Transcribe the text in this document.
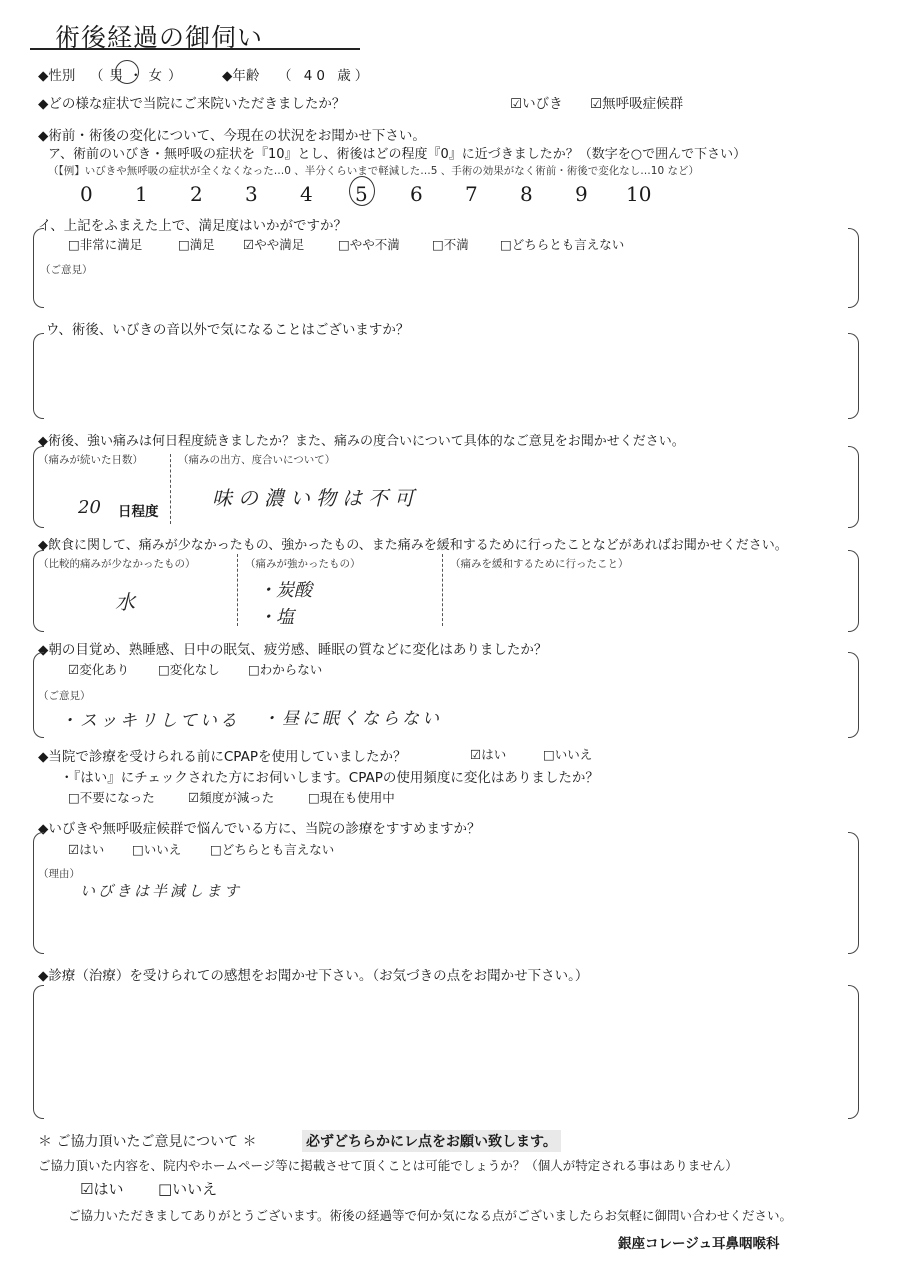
術後経過の御伺い
◆性別 （男・女）	◆年齢 （ 40 歳）
◆どの様な症状で当院にご来院いただきましたか？	☑いびき ☑無呼吸症候群
◆術前・術後の変化について、今現在の状況をお聞かせ下さい。
ア、術前のいびき・無呼吸の症状を『10』とし、術後はどの程度『0』に近づきましたか？（数字を○で囲んで下さい）
（【例】いびきや無呼吸の症状が全くなくなった…0 、半分くらいまで軽減した…5 、手術の効果がなく術前・術後で変化なし…10 など）
0 1 2 3 4 5 6 7 8 9 10
イ、上記をふまえた上で、満足度はいかがですか？
□非常に満足	□満足 ☑やや満足	□やや不満	□不満 □どちらとも言えない
（ご意見）
ウ、術後、いびきの音以外で気になることはございますか？
◆術後、強い痛みは何日程度続きましたか？また、痛みの度合いについて具体的なご意見をお聞かせください。
（痛みが続いた日数）	（痛みの出方、度合いについて）
20 日程度
味の濃い物は不可
◆飲食に関して、痛みが少なかったもの、強かったもの、また痛みを緩和するために行ったことなどがあればお聞かせください。
（比較的痛みが少なかったもの）	（痛みが強かったもの）	（痛みを緩和するために行ったこと）
水	・炭酸
・塩
◆朝の目覚め、熟睡感、日中の眠気、疲労感、睡眠の質などに変化はありましたか？
☑変化あり □変化なし □わからない
（ご意見）
・スッキリしている ・昼に眠くならない
◆当院で診療を受けられる前にCPAPを使用していましたか？	☑はい	□いいえ
・『はい』にチェックされた方にお伺いします。CPAPの使用頻度に変化はありましたか？
□不要になった	☑頻度が減った	□現在も使用中
◆いびきや無呼吸症候群で悩んでいる方に、当院の診療をすすめますか？
☑はい □いいえ □どちらとも言えない
（理由）
いびきは半減します
◆診療（治療）を受けられての感想をお聞かせ下さい。（お気づきの点をお聞かせ下さい。）
＊ ご協力頂いたご意見について ＊	必ずどちらかにレ点をお願い致します。
ご協力頂いた内容を、院内やホームページ等に掲載させて頂くことは可能でしょうか？（個人が特定される事はありません）
☑はい □いいえ
ご協力いただきましてありがとうございます。術後の経過等で何か気になる点がございましたらお気軽に御問い合わせください。
銀座コレージュ耳鼻咽喉科
